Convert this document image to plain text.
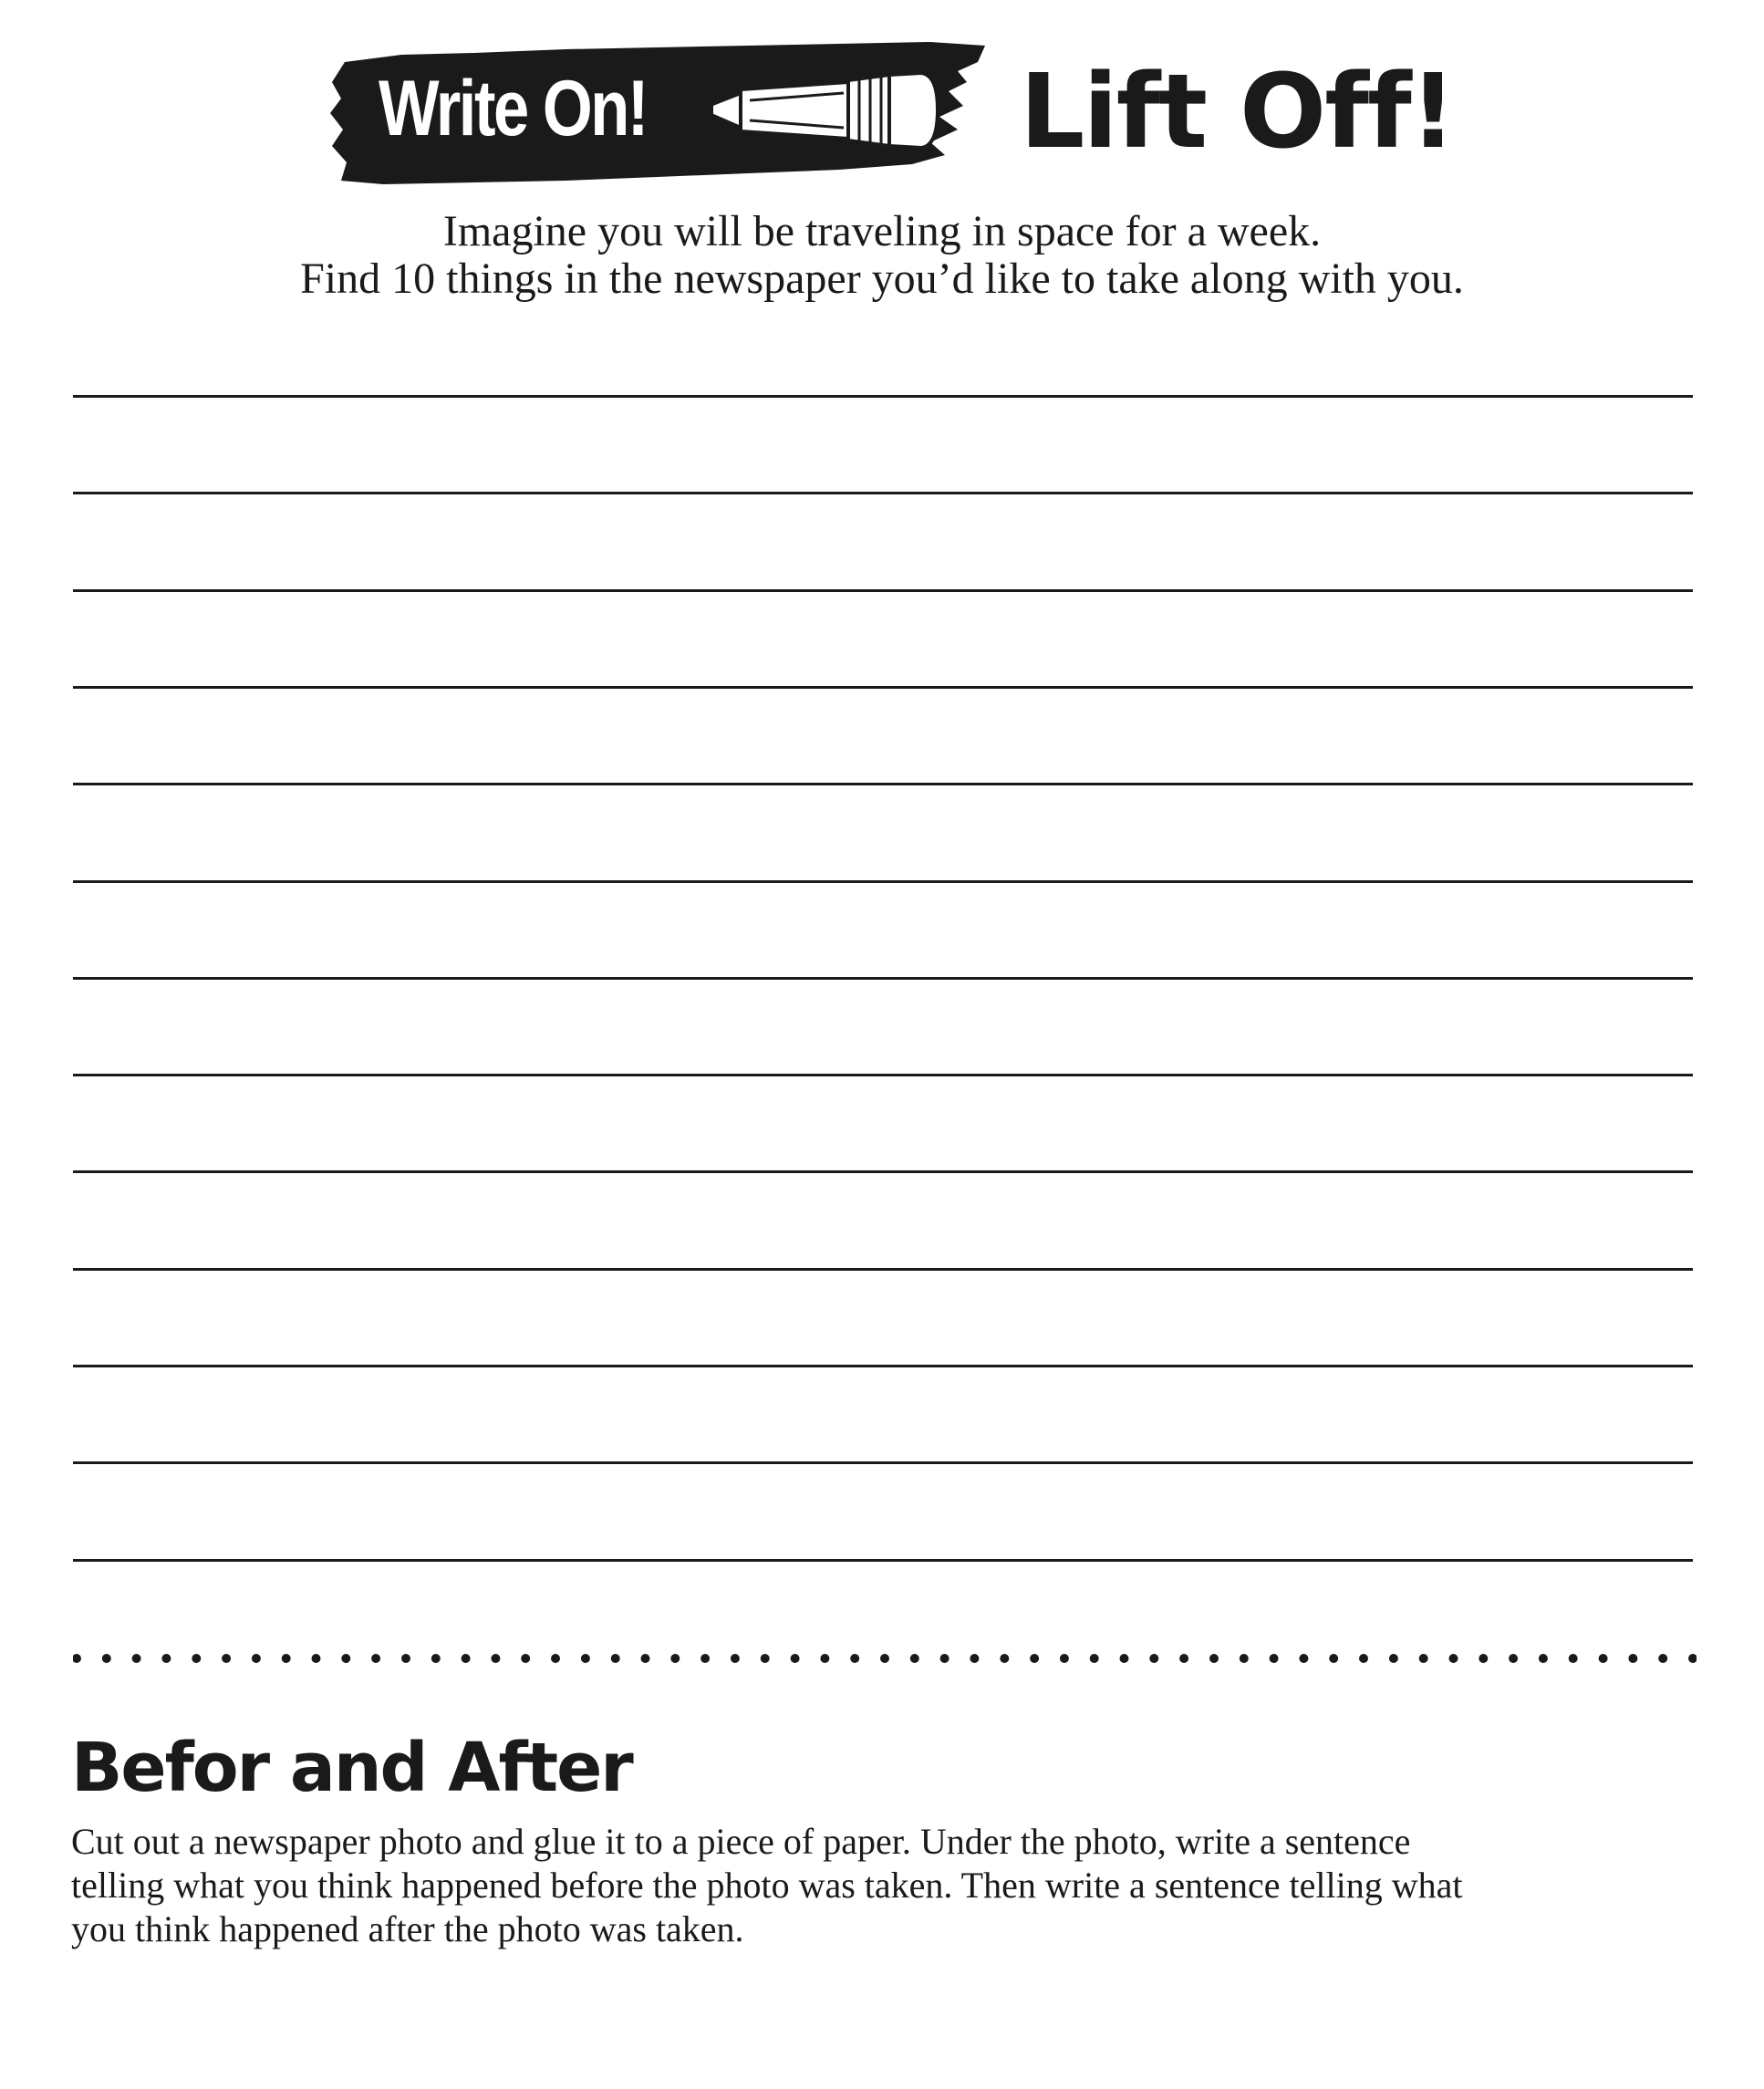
Write On!	Lift Off!
Imagine you will be traveling in space for a week.
Find 10 things in the newspaper you’d like to take along with you.
Befor and After
Cut out a newspaper photo and glue it to a piece of paper. Under the photo, write a sentence
telling what you think happened before the photo was taken. Then write a sentence telling what
you think happened after the photo was taken.
